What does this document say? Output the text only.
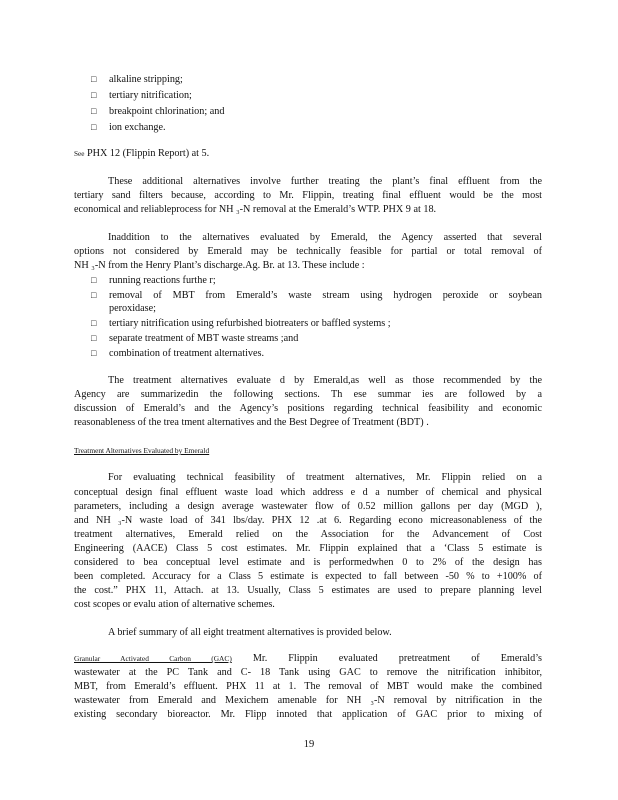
□	alkaline stripping;
□	tertiary nitrification;
□	breakpoint chlorination; and
□	ion exchange.
See PHX 12 (Flippin Report) at 5.
These additional alternatives involve further treating the plant’s final effluent from the
tertiary sand filters because, according to Mr. Flippin, treating final effluent would be the most
economical and reliableprocess for NH ₃-N removal at the Emerald’s WTP. PHX 9 at 18.
Inaddition to the alternatives evaluated by Emerald, the Agency asserted that several
options not considered by Emerald may be technically feasible for partial or total removal of
NH ₃-N from the Henry Plant’s discharge.Ag. Br. at 13. These include :
□	running reactions furthe r;
□	removal of MBT from Emerald’s waste stream using hydrogen peroxide or soybean
peroxidase;
□	tertiary nitrification using refurbished biotreaters or baffled systems ;
□	separate treatment of MBT waste streams ;and
□	combination of treatment alternatives.
The treatment alternatives evaluate d by Emerald,as well as those recommended by the
Agency are summarizedin the following sections. Th ese summar ies are followed by a
discussion of Emerald’s and the Agency’s positions regarding technical feasibility and economic
reasonableness of the trea tment alternatives and the Best Degree of Treatment (BDT) .
Treatment Alternatives Evaluated by Emerald
For evaluating technical feasibility of treatment alternatives, Mr. Flippin relied on a
conceptual design final effluent waste load which address e d a number of chemical and physical
parameters, including a design average wastewater flow of 0.52 million gallons per day (MGD ),
and NH ₃-N waste load of 341 lbs/day. PHX 12 .at 6. Regarding econo micreasonableness of the
treatment alternatives, Emerald relied on the Association for the Advancement of Cost
Engineering (AACE) Class 5 cost estimates. Mr. Flippin explained that a ‘Class 5 estimate is
considered to bea conceptual level estimate and is performedwhen 0 to 2% of the design has
been completed. Accuracy for a Class 5 estimate is expected to fall between -50 % to +100% of
the cost.” PHX 11, Attach. at 13. Usually, Class 5 estimates are used to prepare planning level
cost scopes or evalu ation of alternative schemes.
A brief summary of all eight treatment alternatives is provided below.
Granular Activated Carbon (GAC) Mr. Flippin evaluated pretreatment of Emerald’s
wastewater at the PC Tank and C- 18 Tank using GAC to remove the nitrification inhibitor,
MBT, from Emerald’s effluent. PHX 11 at 1. The removal of MBT would make the combined
wastewater from Emerald and Mexichem amenable for NH ₃-N removal by nitrification in the
existing secondary bioreactor. Mr. Flipp innoted that application of GAC prior to mixing of
19
